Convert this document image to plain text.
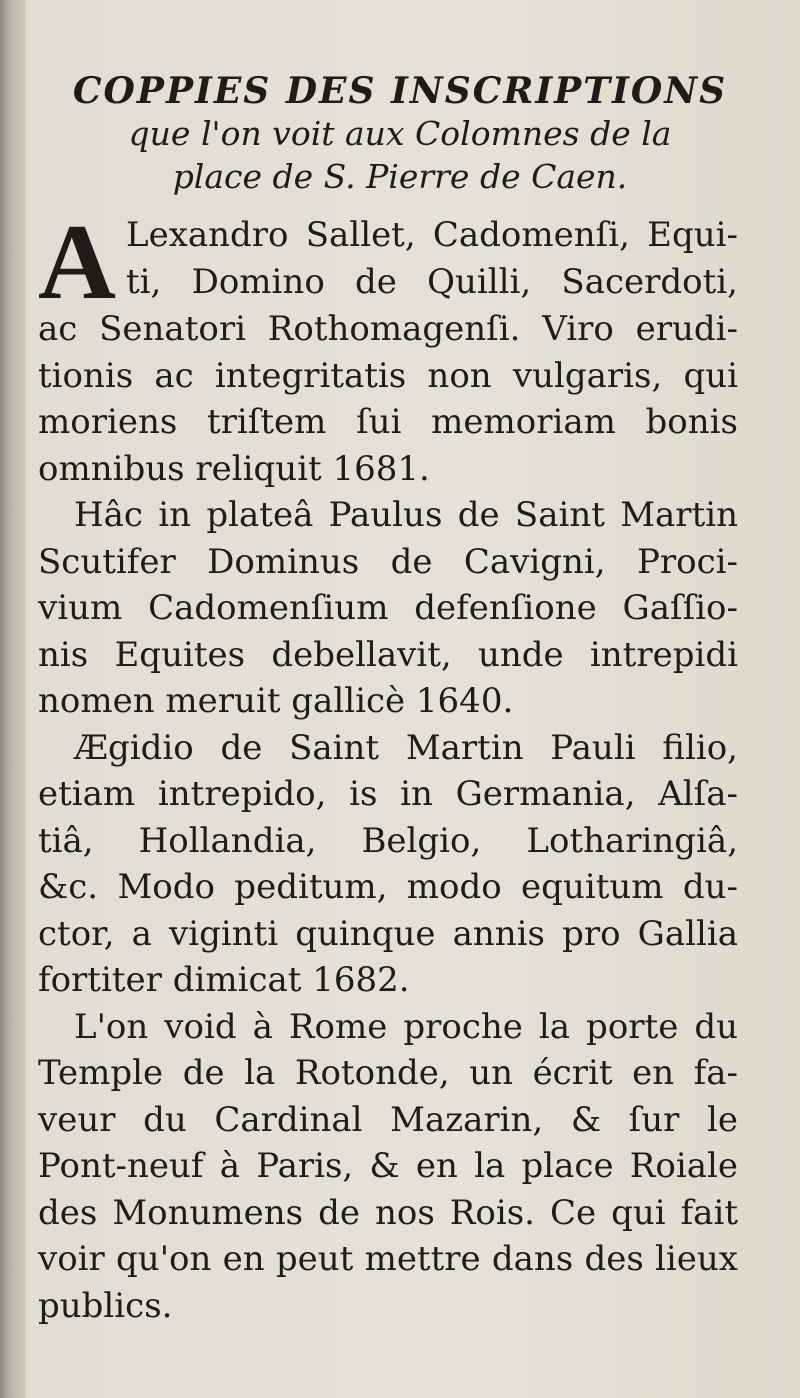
COPPIES DES INSCRIPTIONS

que l'on voit aux Colomnes de la

place de S. Pierre de Caen.

A Lexandro Sallet, Cadomenſi, Equi-
ti, Domino de Quilli, Sacerdoti,
ac Senatori Rothomagenſi. Viro erudi-
tionis ac integritatis non vulgaris, qui
moriens triſtem ſui memoriam bonis
omnibus reliquit 1681.
Hâc in plateâ Paulus de Saint Martin
Scutifer Dominus de Cavigni, Proci-
vium Cadomenſium defenſione Gaſſio-
nis Equites debellavit, unde intrepidi
nomen meruit gallicè 1640.
Ægidio de Saint Martin Pauli filio,
etiam intrepido, is in Germania, Alſa-
tiâ, Hollandia, Belgio, Lotharingiâ,
&c. Modo peditum, modo equitum du-
ctor, a viginti quinque annis pro Gallia
fortiter dimicat 1682.
L'on void à Rome proche la porte du
Temple de la Rotonde, un écrit en fa-
veur du Cardinal Mazarin, & ſur le
Pont-neuf à Paris, & en la place Roiale
des Monumens de nos Rois. Ce qui fait
voir qu'on en peut mettre dans des lieux
publics.
